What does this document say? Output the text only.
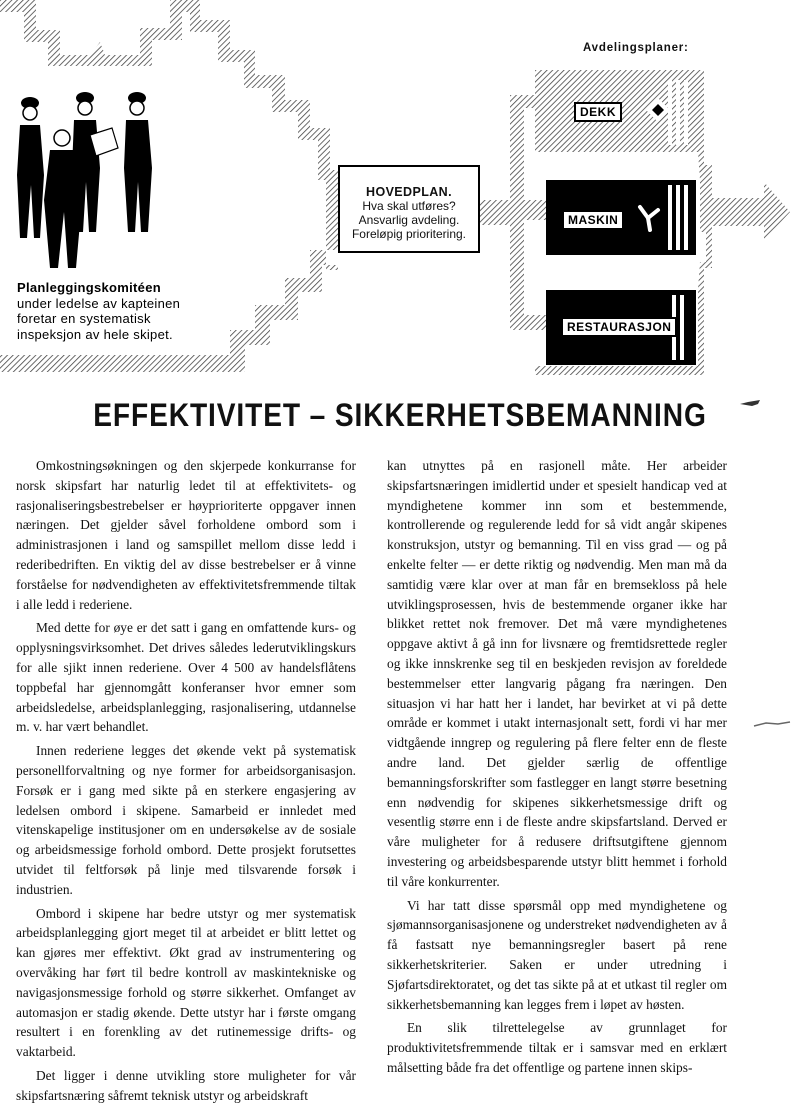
Planleggingskomitéen
under ledelse av kapteinen
foretar en systematisk
inspeksjon av hele skipet.
HOVEDPLAN.
Hva skal utføres?
Ansvarlig avdeling.
Foreløpig prioritering.
Avdelingsplaner:
DEKK
MASKIN
RESTAURASJON
EFFEKTIVITET – SIKKERHETSBEMANNING

Omkostningsøkningen og den skjerpede konkurranse for norsk skipsfart har naturlig ledet til at effektivitets- og rasjonaliseringsbestrebelser er høyprioriterte oppgaver innen næringen. Det gjelder såvel forholdene ombord som i administrasjonen i land og samspillet mellom disse ledd i rederibedriften. En viktig del av disse bestrebelser er å vinne forståelse for nødvendigheten av effektivitetsfremmende tiltak i alle ledd i rederiene.

Med dette for øye er det satt i gang en omfattende kurs- og opplysningsvirksomhet. Det drives således lederutviklingskurs for alle sjikt innen rederiene. Over 4 500 av handelsflåtens toppbefal har gjennomgått konferanser hvor emner som arbeidsledelse, arbeidsplanlegging, rasjonalisering, utdannelse m. v. har vært behandlet.

Innen rederiene legges det økende vekt på systematisk personellforvaltning og nye former for arbeidsorganisasjon. Forsøk er i gang med sikte på en sterkere engasjering av ledelsen ombord i skipene. Samarbeid er innledet med vitenskapelige institusjoner om en undersøkelse av de sosiale og arbeidsmessige forhold ombord. Dette prosjekt forutsettes utvidet til feltforsøk på linje med tilsvarende forsøk i industrien.

Ombord i skipene har bedre utstyr og mer systematisk arbeidsplanlegging gjort meget til at arbeidet er blitt lettet og kan gjøres mer effektivt. Økt grad av instrumentering og overvåking har ført til bedre kontroll av maskintekniske og navigasjonsmessige forhold og større sikkerhet. Omfanget av automasjon er stadig økende. Dette utstyr har i første omgang resultert i en forenkling av det rutinemessige drifts- og vaktarbeid.

Det ligger i denne utvikling store muligheter for vår skipsfartsnæring såfremt teknisk utstyr og arbeidskraft

kan utnyttes på en rasjonell måte. Her arbeider skipsfartsnæringen imidlertid under et spesielt handicap ved at myndighetene kommer inn som et bestemmende, kontrollerende og regulerende ledd for så vidt angår skipenes konstruksjon, utstyr og bemanning. Til en viss grad — og på enkelte felter — er dette riktig og nødvendig. Men man må da samtidig være klar over at man får en bremsekloss på hele utviklingsprosessen, hvis de bestemmende organer ikke har blikket rettet nok fremover. Det må være myndighetenes oppgave aktivt å gå inn for livsnære og fremtidsrettede regler og ikke innskrenke seg til en beskjeden revisjon av foreldede bestemmelser etter langvarig pågang fra næringen. Den situasjon vi har hatt her i landet, har bevirket at vi på dette område er kommet i utakt internasjonalt sett, fordi vi har mer vidtgående inngrep og regulering på flere felter enn de fleste andre land. Det gjelder særlig de offentlige bemanningsforskrifter som fastlegger en langt større besetning enn nødvendig for skipenes sikkerhetsmessige drift og vesentlig større enn i de fleste andre skipsfartsland. Derved er våre muligheter for å redusere driftsutgiftene gjennom investering og arbeidsbesparende utstyr blitt hemmet i forhold til våre konkurrenter.

Vi har tatt disse spørsmål opp med myndighetene og sjømannsorganisasjonene og understreket nødvendigheten av å få fastsatt nye bemanningsregler basert på rene sikkerhetskriterier. Saken er under utredning i Sjøfartsdirektoratet, og det tas sikte på at et utkast til regler om sikkerhetsbemanning kan legges frem i løpet av høsten.

En slik tilrettelegelse av grunnlaget for produktivitetsfremmende tiltak er i samsvar med en erklært målsetting både fra det offentlige og partene innen skips-
